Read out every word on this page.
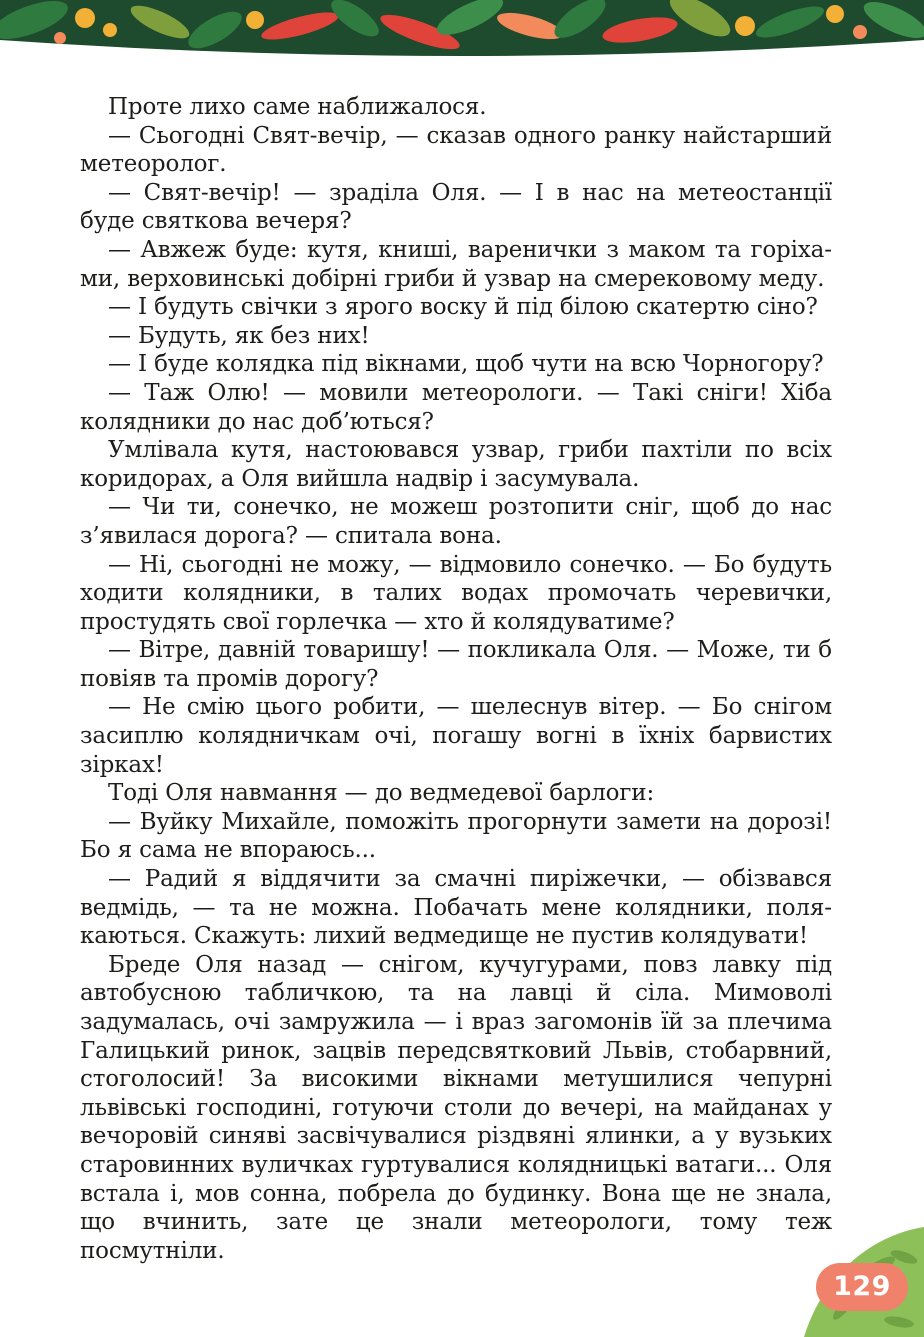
Проте лихо саме наближалося.

— Сьогодні Свят-вечір, — сказав одного ранку найстарший метеоролог.

— Свят-вечір! — зраділа Оля. — І в нас на метеостанції буде святкова вечеря?

— Авжеж буде: кутя, книші, варенички з маком та горіхами, верховинські добірні гриби й узвар на смерековому меду.

— І будуть свічки з ярого воску й під білою скатертю сіно?

— Будуть, як без них!

— І буде колядка під вікнами, щоб чути на всю Чорногору?

— Таж Олю! — мовили метеорологи. — Такі сніги! Хіба колядники до нас доб’ються?

Умлівала кутя, настоювався узвар, гриби пахтіли по всіх коридорах, а Оля вийшла надвір і засумувала.

— Чи ти, сонечко, не можеш розтопити сніг, щоб до нас з’явилася дорога? — спитала вона.

— Ні, сьогодні не можу, — відмовило сонечко. — Бо будуть ходити колядники, в талих водах промочать черевички, простудять свої горлечка — хто й колядуватиме?

— Вітре, давній товаришу! — покликала Оля. — Може, ти б повіяв та промів дорогу?

— Не смію цього робити, — шелеснув вітер. — Бо снігом засиплю колядничкам очі, погашу вогні в їхніх барвистих зірках!

Тоді Оля навмання — до ведмедевої барлоги:

— Вуйку Михайле, поможіть прогорнути замети на дорозі! Бо я сама не впораюсь...

— Радий я віддячити за смачні пиріжечки, — обізвався ведмідь, — та не можна. Побачать мене колядники, полякаються. Скажуть: лихий ведмедище не пустив колядувати!

Бреде Оля назад — снігом, кучугурами, повз лавку під автобусною табличкою, та на лавці й сіла. Мимоволі задумалась, очі замружила — і враз загомонів їй за плечима Галицький ринок, зацвів передсвятковий Львів, стобарвний, стоголосий! За високими вікнами метушилися чепурні львівські господині, готуючи столи до вечері, на майданах у вечоровій синяві засвічувалися різдвяні ялинки, а у вузьких старовинних вуличках гуртувалися колядницькі ватаги... Оля встала і, мов сонна, побрела до будинку. Вона ще не знала, що вчинить, зате це знали метеорологи, тому теж посмутніли.

129
